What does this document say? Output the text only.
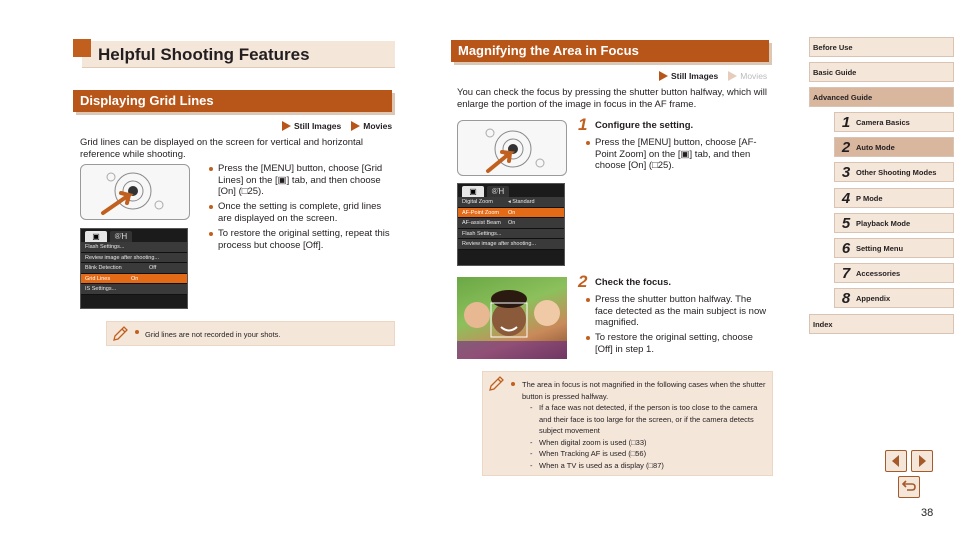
Helpful Shooting Features
Displaying Grid Lines
Still Images	Movies
Grid lines can be displayed on the screen for vertical and horizontal reference while shooting.
▣	®Ἡ
Flash Settings...
Review image after shooting...
Blink Detection	Off
Grid Lines	On
IS Settings...
Press the [MENU] button, choose [Grid Lines] on the [▣] tab, and then choose [On] (□25).
Once the setting is complete, grid lines are displayed on the screen.
To restore the original setting, repeat this process but choose [Off].
Grid lines are not recorded in your shots.
Magnifying the Area in Focus
Still Images	Movies
You can check the focus by pressing the shutter button halfway, which will enlarge the portion of the image in focus in the AF frame.
1 Configure the setting.
Press the [MENU] button, choose [AF-Point Zoom] on the [▣] tab, and then choose [On] (□25).
▣	®Ἡ
Digital Zoom	◂ Standard
AF-Point Zoom On
AF-assist Beam On
Flash Settings...
Review image after shooting...
2 Check the focus.
Press the shutter button halfway. The face detected as the main subject is now magnified.
To restore the original setting, choose [Off] in step 1.
The area in focus is not magnified in the following cases when the shutter button is pressed halfway.
- If a face was not detected, if the person is too close to the camera and their face is too large for the screen, or if the camera detects subject movement
- When digital zoom is used (□33)
- When Tracking AF is used (□56)
- When a TV is used as a display (□87)
Before Use
Basic Guide
Advanced Guide
1 Camera Basics
2 Auto Mode
3 Other Shooting Modes
4 P Mode
5 Playback Mode
6 Setting Menu
7 Accessories
8 Appendix
Index
38
